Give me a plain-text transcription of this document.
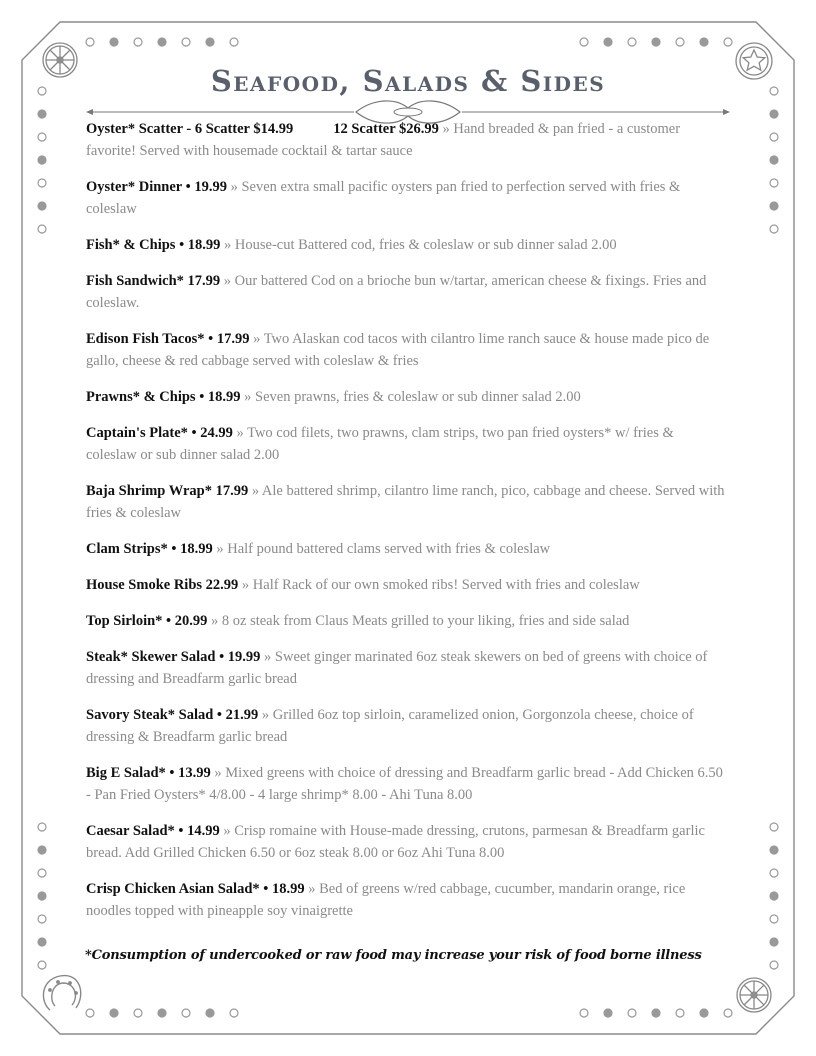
Seafood, Salads & Sides

Oyster* Scatter - 6 Scatter $14.99	12 Scatter $26.99 » Hand breaded & pan fried - a customer favorite! Served with housemade cocktail & tartar sauce

Oyster* Dinner • 19.99 » Seven extra small pacific oysters pan fried to perfection served with fries & coleslaw

Fish* & Chips • 18.99 » House-cut Battered cod, fries & coleslaw or sub dinner salad 2.00

Fish Sandwich* 17.99 » Our battered Cod on a brioche bun w/tartar, american cheese & fixings. Fries and coleslaw.

Edison Fish Tacos* • 17.99 » Two Alaskan cod tacos with cilantro lime ranch sauce & house made pico de gallo, cheese & red cabbage served with coleslaw & fries

Prawns* & Chips • 18.99 » Seven prawns, fries & coleslaw or sub dinner salad 2.00

Captain's Plate* • 24.99 » Two cod filets, two prawns, clam strips, two pan fried oysters* w/ fries & coleslaw or sub dinner salad 2.00

Baja Shrimp Wrap* 17.99 » Ale battered shrimp, cilantro lime ranch, pico, cabbage and cheese. Served with fries & coleslaw

Clam Strips* • 18.99 » Half pound battered clams served with fries & coleslaw

House Smoke Ribs 22.99 » Half Rack of our own smoked ribs! Served with fries and coleslaw

Top Sirloin* • 20.99 » 8 oz steak from Claus Meats grilled to your liking, fries and side salad

Steak* Skewer Salad • 19.99 » Sweet ginger marinated 6oz steak skewers on bed of greens with choice of dressing and Breadfarm garlic bread

Savory Steak* Salad • 21.99 » Grilled 6oz top sirloin, caramelized onion, Gorgonzola cheese, choice of dressing & Breadfarm garlic bread

Big E Salad* • 13.99 » Mixed greens with choice of dressing and Breadfarm garlic bread - Add Chicken 6.50 - Pan Fried Oysters* 4/8.00 - 4 large shrimp* 8.00 - Ahi Tuna 8.00

Caesar Salad* • 14.99 » Crisp romaine with House-made dressing, crutons, parmesan & Breadfarm garlic bread. Add Grilled Chicken 6.50 or 6oz steak 8.00 or 6oz Ahi Tuna 8.00

Crisp Chicken Asian Salad* • 18.99 » Bed of greens w/red cabbage, cucumber, mandarin orange, rice noodles topped with pineapple soy vinaigrette

*Consumption of undercooked or raw food may increase your risk of food borne illness
